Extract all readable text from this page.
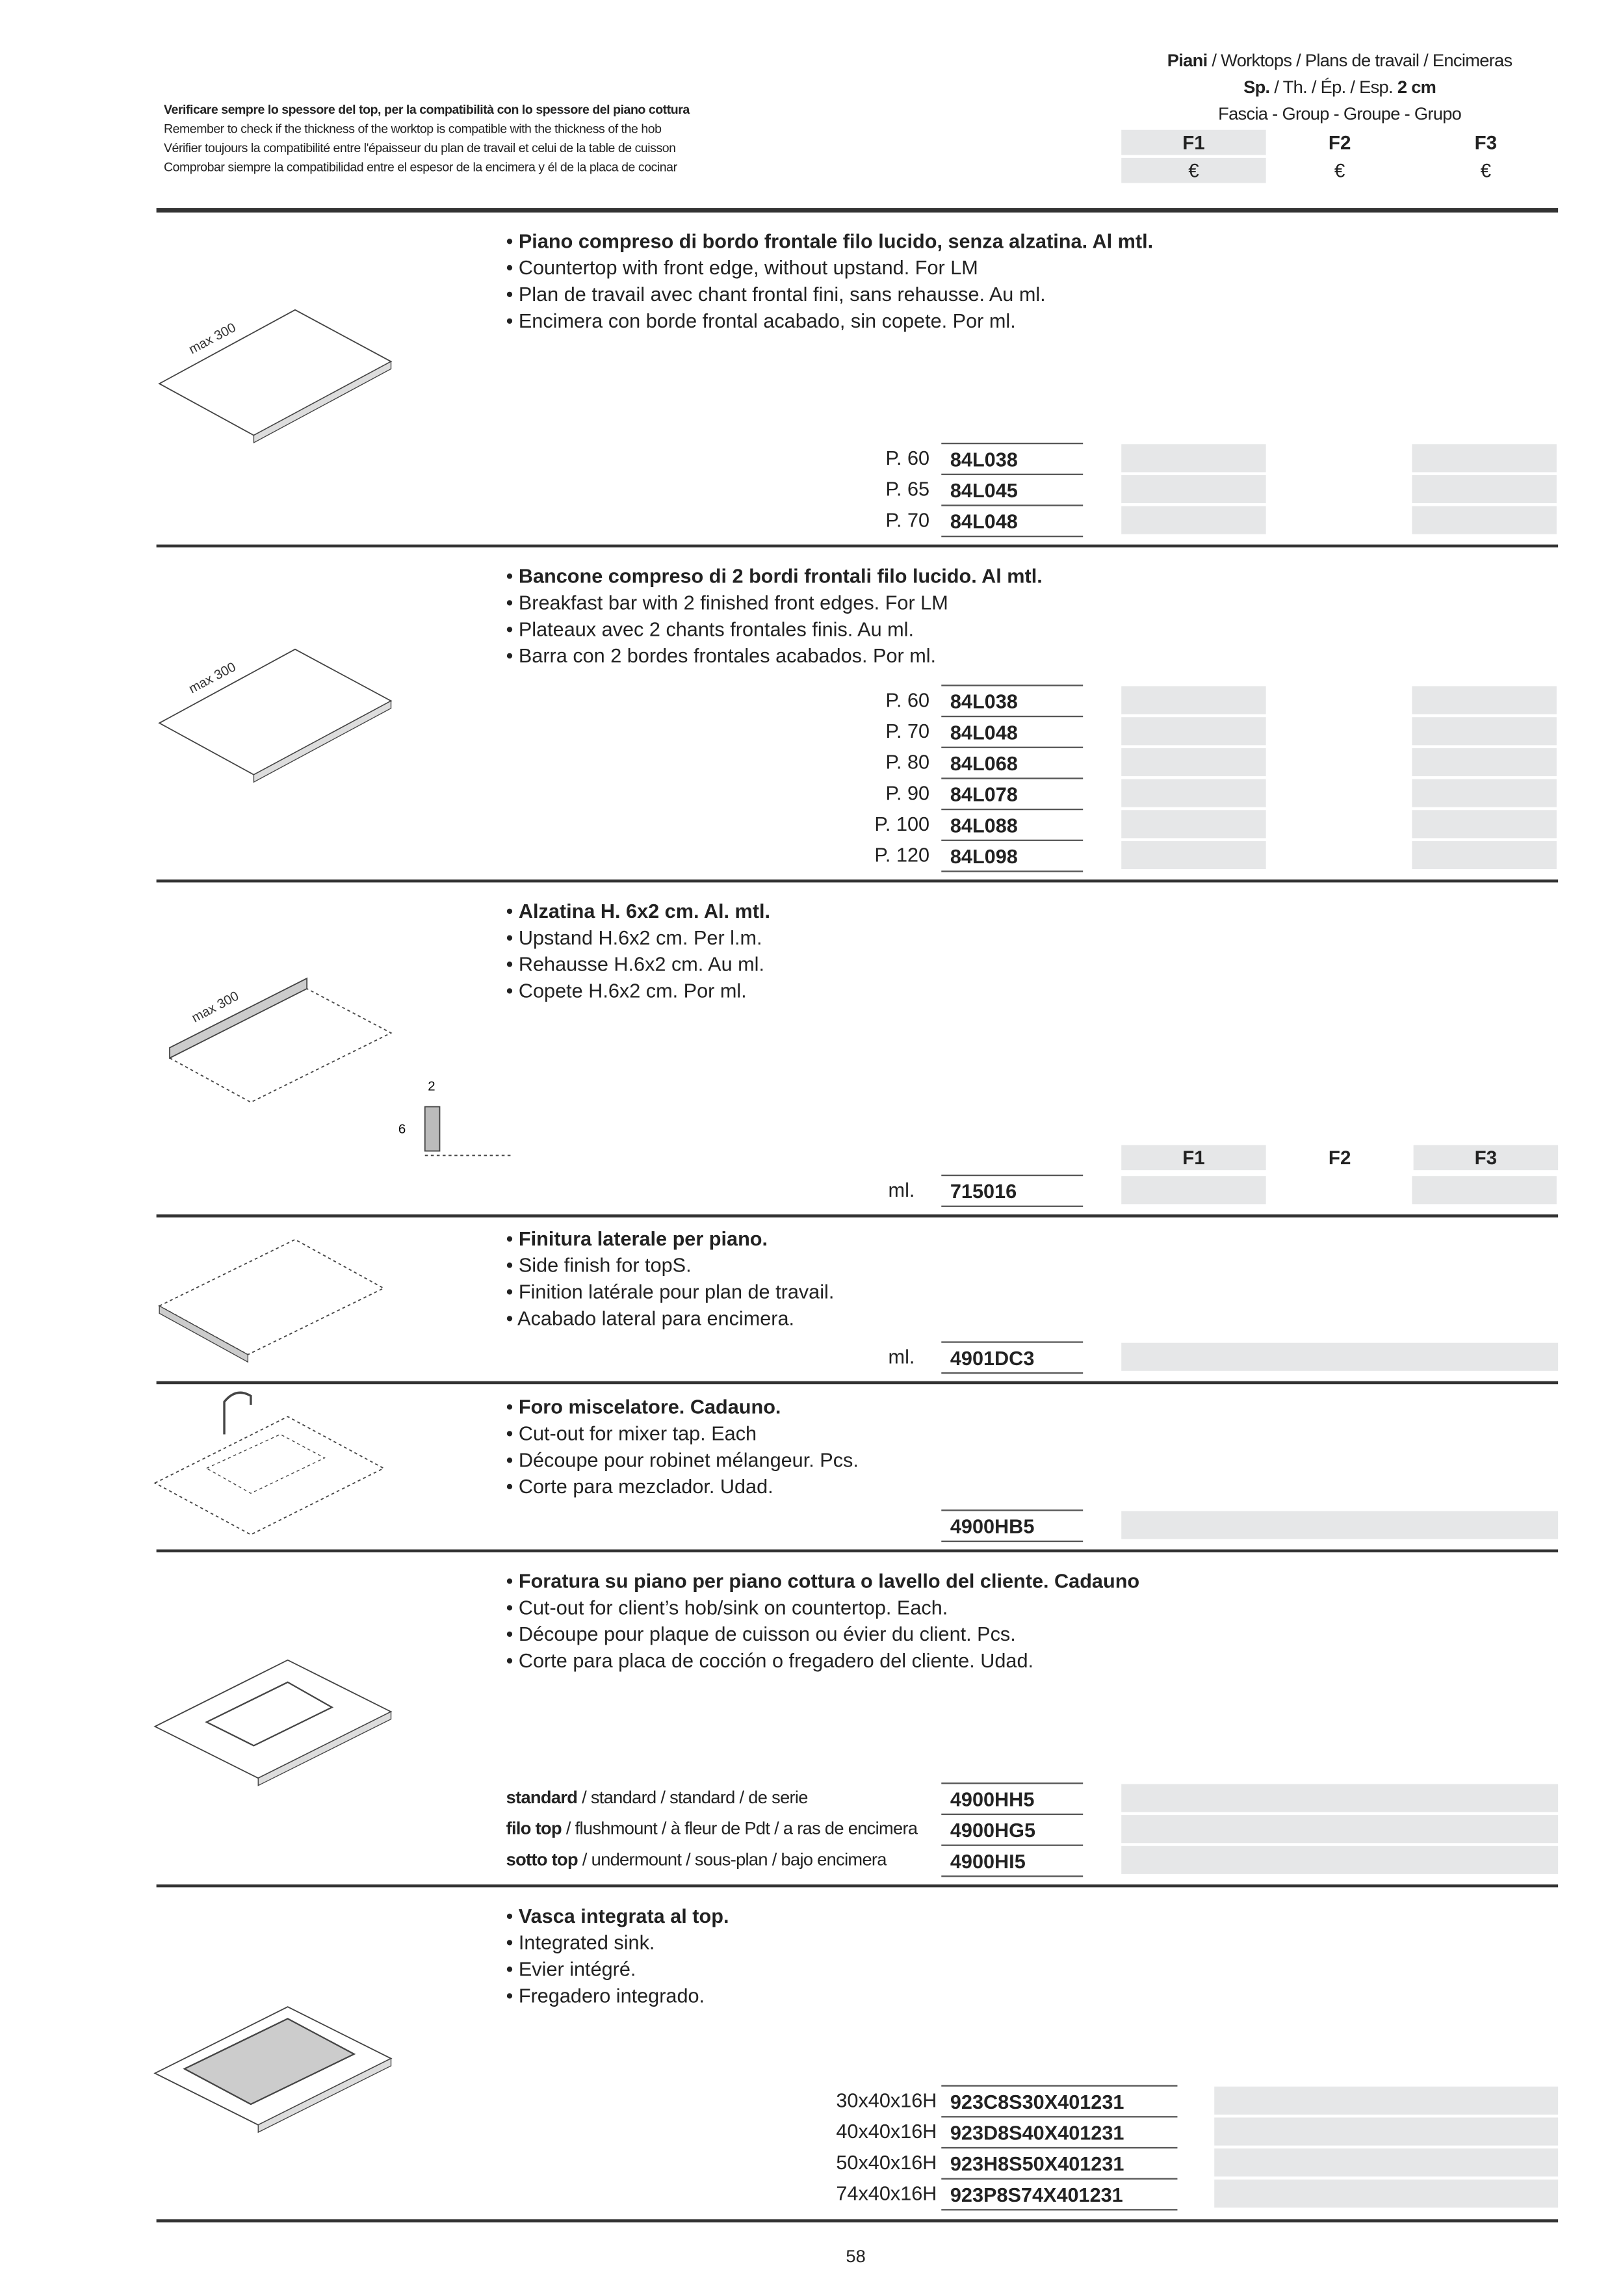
Verificare sempre lo spessore del top, per la compatibilità con lo spessore del piano cottura
Remember to check if the thickness of the worktop is compatible with the thickness of the hob
Vérifier toujours la compatibilité entre l'épaisseur du plan de travail et celui de la table de cuisson
Comprobar siempre la compatibilidad entre el espesor de la encimera y él de la placa de cocinar
Piani / Worktops / Plans de travail / Encimeras
Sp. / Th. / Ép. / Esp. 2 cm
Fascia - Group - Groupe - Grupo
F1	F2	F3
€	€	€
max 300
max 300
max 300
2
6
• Piano compreso di bordo frontale filo lucido, senza alzatina. Al mtl.
• Countertop with front edge, without upstand. For LM
• Plan de travail avec chant frontal fini, sans rehausse. Au ml.
• Encimera con borde frontal acabado, sin copete. Por ml.
P. 60	84L038
P. 65	84L045
P. 70	84L048
• Bancone compreso di 2 bordi frontali filo lucido. Al mtl.
• Breakfast bar with 2 finished front edges. For LM
• Plateaux avec 2 chants frontales finis. Au ml.
• Barra con 2 bordes frontales acabados. Por ml.
P. 60	84L038
P. 70	84L048
P. 80	84L068
P. 90	84L078
P. 100	84L088
P. 120	84L098
• Alzatina H. 6x2 cm. Al. mtl.
• Upstand H.6x2 cm. Per l.m.
• Rehausse H.6x2 cm. Au ml.
• Copete H.6x2 cm. Por ml.
F1	F2	F3
ml.	715016
• Finitura laterale per piano.
• Side finish for topS.
• Finition latérale pour plan de travail.
• Acabado lateral para encimera.
ml.	4901DC3
• Foro miscelatore. Cadauno.
• Cut-out for mixer tap. Each
• Découpe pour robinet mélangeur. Pcs.
• Corte para mezclador. Udad.
4900HB5
• Foratura su piano per piano cottura o lavello del cliente. Cadauno
• Cut-out for client’s hob/sink on countertop. Each.
• Découpe pour plaque de cuisson ou évier du client. Pcs.
• Corte para placa de cocción o fregadero del cliente. Udad.
standard / standard / standard / de serie	4900HH5
filo top / flushmount / à fleur de Pdt / a ras de encimera	4900HG5
sotto top / undermount / sous-plan / bajo encimera	4900HI5
• Vasca integrata al top.
• Integrated sink.
• Evier intégré.
• Fregadero integrado.
30x40x16H	923C8S30X401231
40x40x16H	923D8S40X401231
50x40x16H	923H8S50X401231
74x40x16H	923P8S74X401231
58
